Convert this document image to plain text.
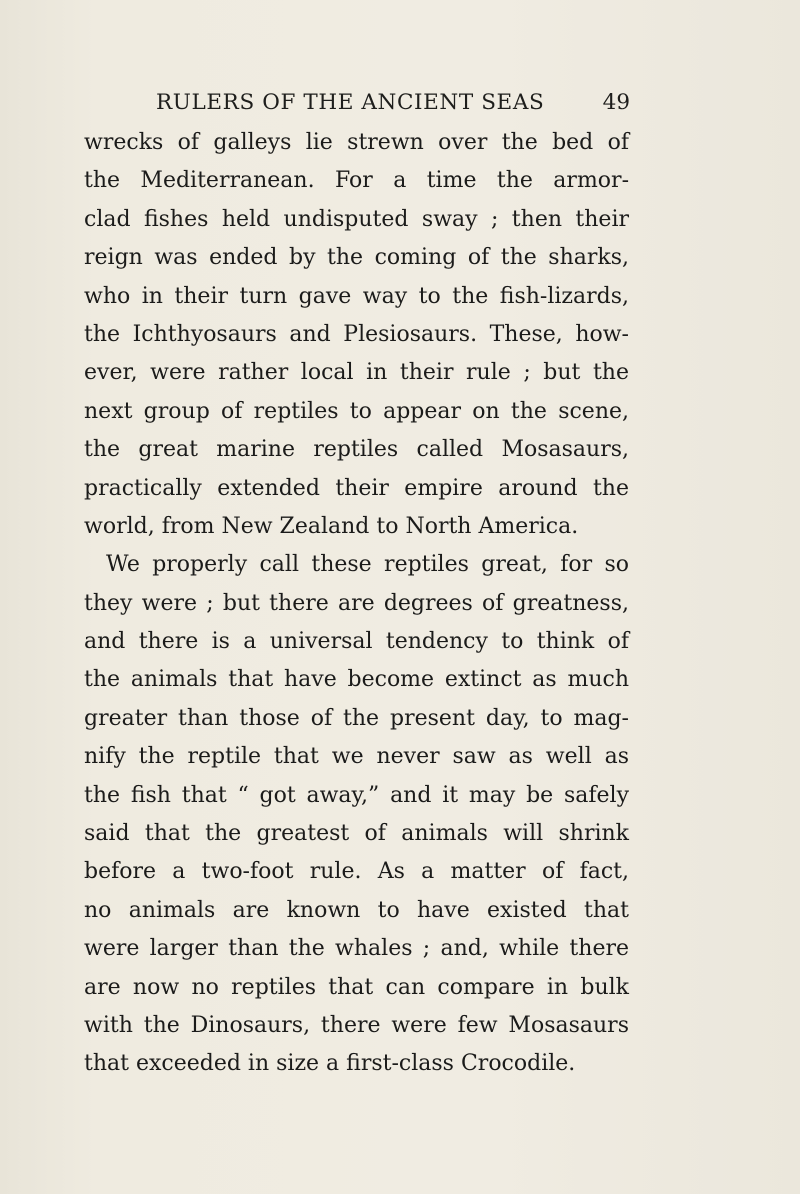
RULERS OF THE ANCIENT SEAS	49
wrecks of galleys lie strewn over the bed of
the Mediterranean. For a time the armor-
clad fishes held undisputed sway ; then their
reign was ended by the coming of the sharks,
who in their turn gave way to the fish-lizards,
the Ichthyosaurs and Plesiosaurs. These, how-
ever, were rather local in their rule ; but the
next group of reptiles to appear on the scene,
the great marine reptiles called Mosasaurs,
practically extended their empire around the
world, from New Zealand to North America.
We properly call these reptiles great, for so
they were ; but there are degrees of greatness,
and there is a universal tendency to think of
the animals that have become extinct as much
greater than those of the present day, to mag-
nify the reptile that we never saw as well as
the fish that “ got away,” and it may be safely
said that the greatest of animals will shrink
before a two-foot rule. As a matter of fact,
no animals are known to have existed that
were larger than the whales ; and, while there
are now no reptiles that can compare in bulk
with the Dinosaurs, there were few Mosasaurs
that exceeded in size a first-class Crocodile.
